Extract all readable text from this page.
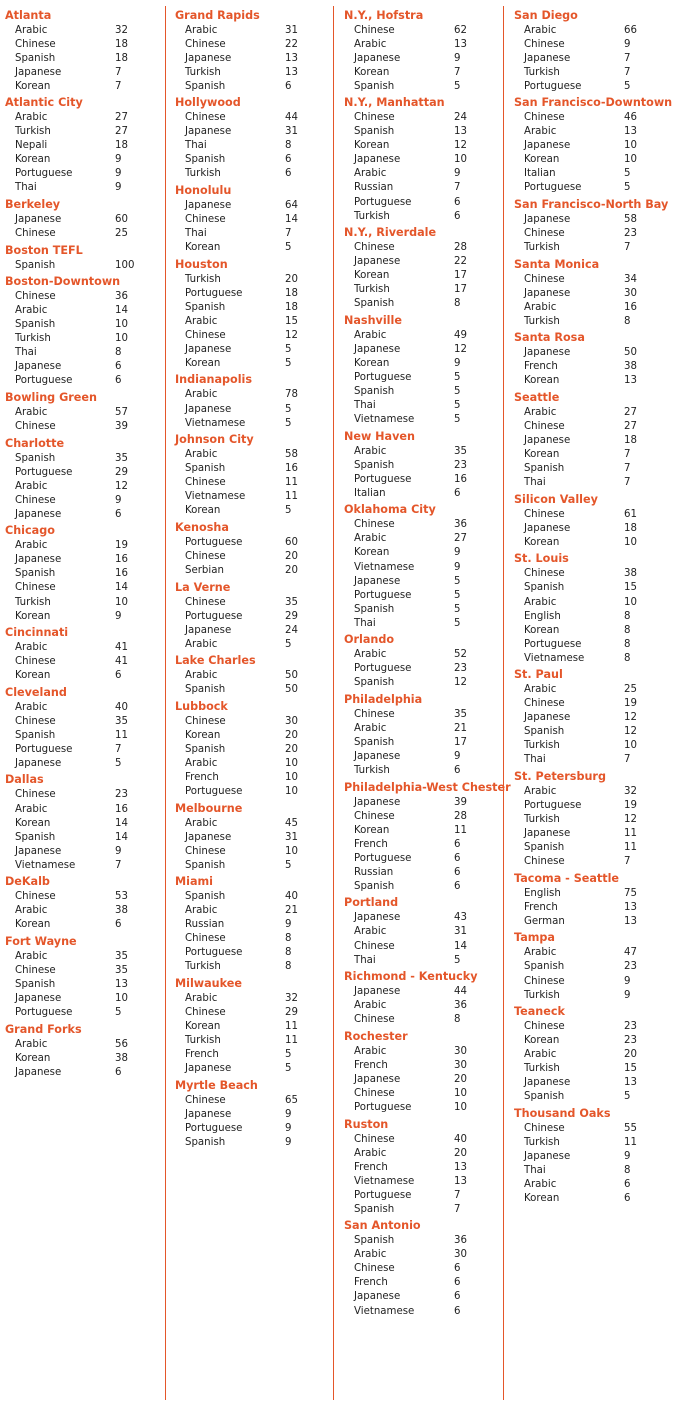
Atlanta
Arabic	32
Chinese	18
Spanish	18
Japanese	7
Korean	7
Atlantic City
Arabic	27
Turkish	27
Nepali	18
Korean	9
Portuguese	9
Thai	9
Berkeley
Japanese	60
Chinese	25
Boston TEFL
Spanish	100
Boston-Downtown
Chinese	36
Arabic	14
Spanish	10
Turkish	10
Thai	8
Japanese	6
Portuguese	6
Bowling Green
Arabic	57
Chinese	39
Charlotte
Spanish	35
Portuguese	29
Arabic	12
Chinese	9
Japanese	6
Chicago
Arabic	19
Japanese	16
Spanish	16
Chinese	14
Turkish	10
Korean	9
Cincinnati
Arabic	41
Chinese	41
Korean	6
Cleveland
Arabic	40
Chinese	35
Spanish	11
Portuguese	7
Japanese	5
Dallas
Chinese	23
Arabic	16
Korean	14
Spanish	14
Japanese	9
Vietnamese	7
DeKalb
Chinese	53
Arabic	38
Korean	6
Fort Wayne
Arabic	35
Chinese	35
Spanish	13
Japanese	10
Portuguese	5
Grand Forks
Arabic	56
Korean	38
Japanese	6
Grand Rapids
Arabic	31
Chinese	22
Japanese	13
Turkish	13
Spanish	6
Hollywood
Chinese	44
Japanese	31
Thai	8
Spanish	6
Turkish	6
Honolulu
Japanese	64
Chinese	14
Thai	7
Korean	5
Houston
Turkish	20
Portuguese	18
Spanish	18
Arabic	15
Chinese	12
Japanese	5
Korean	5
Indianapolis
Arabic	78
Japanese	5
Vietnamese	5
Johnson City
Arabic	58
Spanish	16
Chinese	11
Vietnamese	11
Korean	5
Kenosha
Portuguese	60
Chinese	20
Serbian	20
La Verne
Chinese	35
Portuguese	29
Japanese	24
Arabic	5
Lake Charles
Arabic	50
Spanish	50
Lubbock
Chinese	30
Korean	20
Spanish	20
Arabic	10
French	10
Portuguese	10
Melbourne
Arabic	45
Japanese	31
Chinese	10
Spanish	5
Miami
Spanish	40
Arabic	21
Russian	9
Chinese	8
Portuguese	8
Turkish	8
Milwaukee
Arabic	32
Chinese	29
Korean	11
Turkish	11
French	5
Japanese	5
Myrtle Beach
Chinese	65
Japanese	9
Portuguese	9
Spanish	9
N.Y., Hofstra
Chinese	62
Arabic	13
Japanese	9
Korean	7
Spanish	5
N.Y., Manhattan
Chinese	24
Spanish	13
Korean	12
Japanese	10
Arabic	9
Russian	7
Portuguese	6
Turkish	6
N.Y., Riverdale
Chinese	28
Japanese	22
Korean	17
Turkish	17
Spanish	8
Nashville
Arabic	49
Japanese	12
Korean	9
Portuguese	5
Spanish	5
Thai	5
Vietnamese	5
New Haven
Arabic	35
Spanish	23
Portuguese	16
Italian	6
Oklahoma City
Chinese	36
Arabic	27
Korean	9
Vietnamese	9
Japanese	5
Portuguese	5
Spanish	5
Thai	5
Orlando
Arabic	52
Portuguese	23
Spanish	12
Philadelphia
Chinese	35
Arabic	21
Spanish	17
Japanese	9
Turkish	6
Philadelphia-West Chester
Japanese	39
Chinese	28
Korean	11
French	6
Portuguese	6
Russian	6
Spanish	6
Portland
Japanese	43
Arabic	31
Chinese	14
Thai	5
Richmond - Kentucky
Japanese	44
Arabic	36
Chinese	8
Rochester
Arabic	30
French	30
Japanese	20
Chinese	10
Portuguese	10
Ruston
Chinese	40
Arabic	20
French	13
Vietnamese	13
Portuguese	7
Spanish	7
San Antonio
Spanish	36
Arabic	30
Chinese	6
French	6
Japanese	6
Vietnamese	6
San Diego
Arabic	66
Chinese	9
Japanese	7
Turkish	7
Portuguese	5
San Francisco-Downtown
Chinese	46
Arabic	13
Japanese	10
Korean	10
Italian	5
Portuguese	5
San Francisco-North Bay
Japanese	58
Chinese	23
Turkish	7
Santa Monica
Chinese	34
Japanese	30
Arabic	16
Turkish	8
Santa Rosa
Japanese	50
French	38
Korean	13
Seattle
Arabic	27
Chinese	27
Japanese	18
Korean	7
Spanish	7
Thai	7
Silicon Valley
Chinese	61
Japanese	18
Korean	10
St. Louis
Chinese	38
Spanish	15
Arabic	10
English	8
Korean	8
Portuguese	8
Vietnamese	8
St. Paul
Arabic	25
Chinese	19
Japanese	12
Spanish	12
Turkish	10
Thai	7
St. Petersburg
Arabic	32
Portuguese	19
Turkish	12
Japanese	11
Spanish	11
Chinese	7
Tacoma - Seattle
English	75
French	13
German	13
Tampa
Arabic	47
Spanish	23
Chinese	9
Turkish	9
Teaneck
Chinese	23
Korean	23
Arabic	20
Turkish	15
Japanese	13
Spanish	5
Thousand Oaks
Chinese	55
Turkish	11
Japanese	9
Thai	8
Arabic	6
Korean	6
